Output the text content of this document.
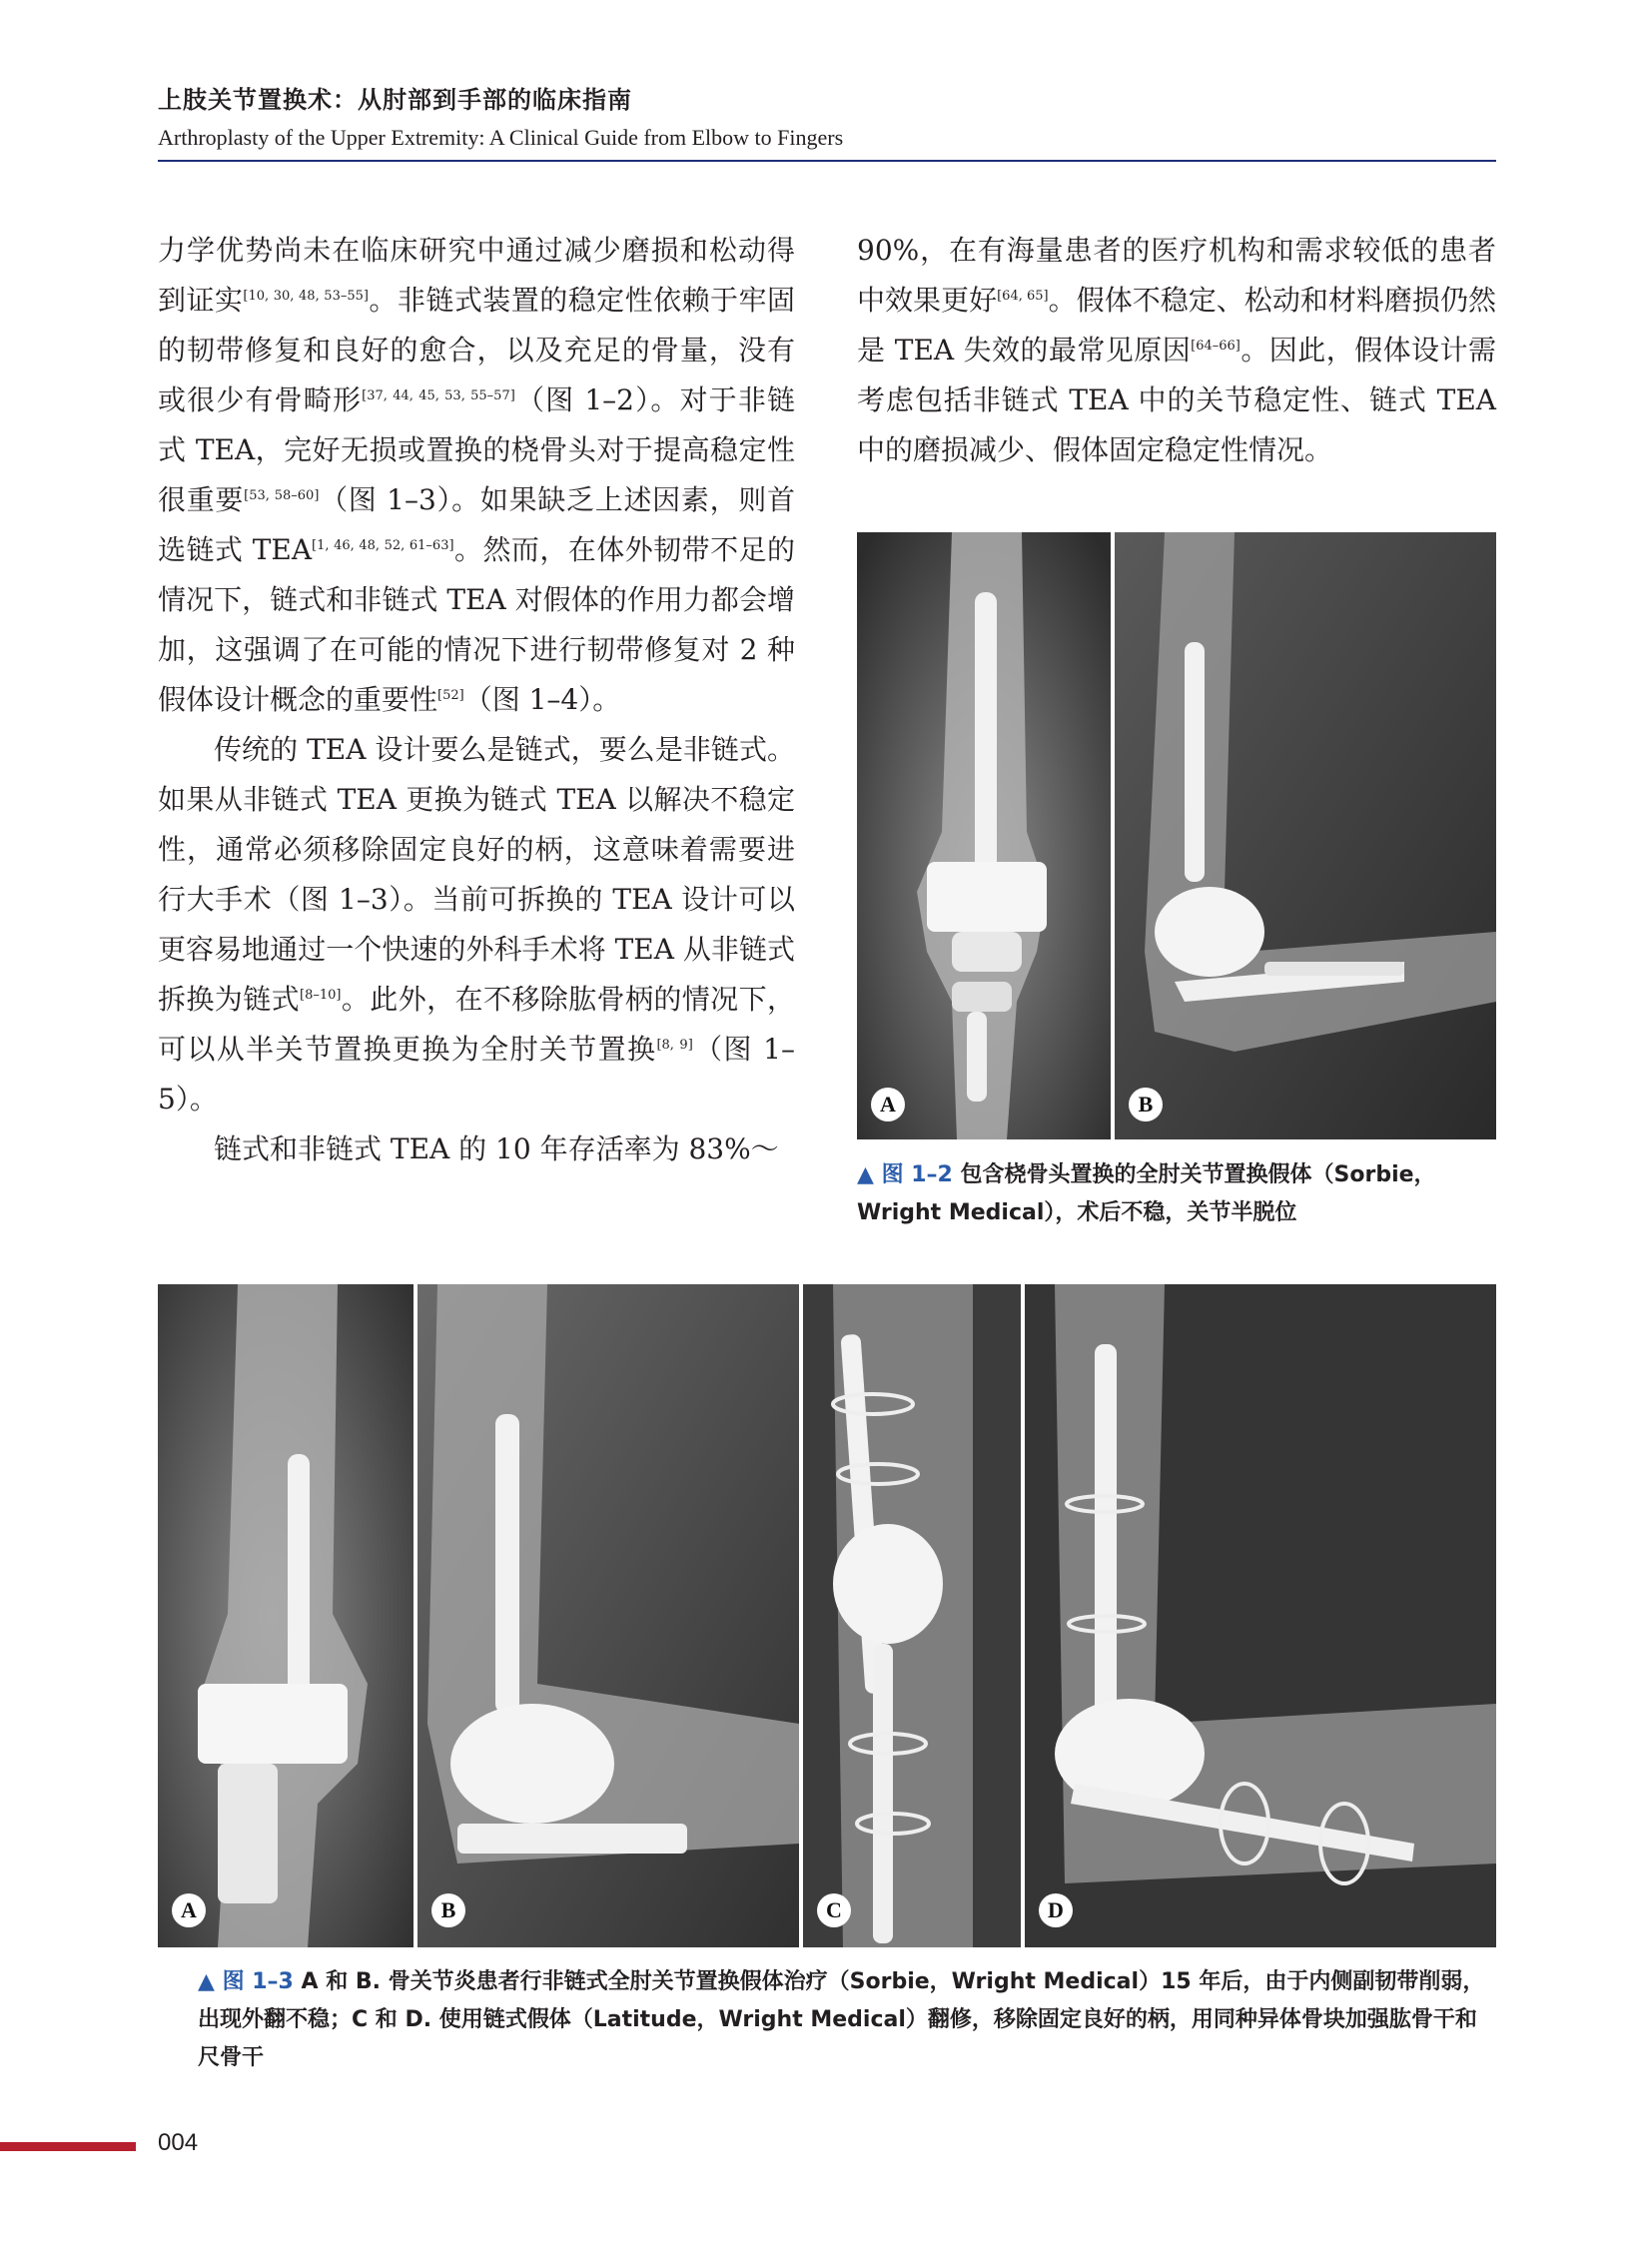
上肢关节置换术：从肘部到手部的临床指南
Arthroplasty of the Upper Extremity: A Clinical Guide from Elbow to Fingers

力学优势尚未在临床研究中通过减少磨损和松动得到证实[10, 30, 48, 53–55]。非链式装置的稳定性依赖于牢固的韧带修复和良好的愈合，以及充足的骨量，没有或很少有骨畸形[37, 44, 45, 53, 55–57]（图 1–2）。对于非链式 TEA，完好无损或置换的桡骨头对于提高稳定性很重要[53, 58–60]（图 1–3）。如果缺乏上述因素，则首选链式 TEA[1, 46, 48, 52, 61–63]。然而，在体外韧带不足的情况下，链式和非链式 TEA 对假体的作用力都会增加，这强调了在可能的情况下进行韧带修复对 2 种假体设计概念的重要性[52]（图 1–4）。

传统的 TEA 设计要么是链式，要么是非链式。如果从非链式 TEA 更换为链式 TEA 以解决不稳定性，通常必须移除固定良好的柄，这意味着需要进行大手术（图 1–3）。当前可拆换的 TEA 设计可以更容易地通过一个快速的外科手术将 TEA 从非链式拆换为链式[8–10]。此外，在不移除肱骨柄的情况下，可以从半关节置换更换为全肘关节置换[8, 9]（图 1–5）。

链式和非链式 TEA 的 10 年存活率为 83%～

90%，在有海量患者的医疗机构和需求较低的患者中效果更好[64, 65]。假体不稳定、松动和材料磨损仍然是 TEA 失效的最常见原因[64–66]。因此，假体设计需考虑包括非链式 TEA 中的关节稳定性、链式 TEA 中的磨损减少、假体固定稳定性情况。

A	B
▲ 图 1–2 包含桡骨头置换的全肘关节置换假体（Sorbie，Wright Medical），术后不稳，关节半脱位
A	B	C	D
▲ 图 1–3 A 和 B. 骨关节炎患者行非链式全肘关节置换假体治疗（Sorbie，Wright Medical）15 年后，由于内侧副韧带削弱，出现外翻不稳；C 和 D. 使用链式假体（Latitude，Wright Medical）翻修，移除固定良好的柄，用同种异体骨块加强肱骨干和尺骨干
004
